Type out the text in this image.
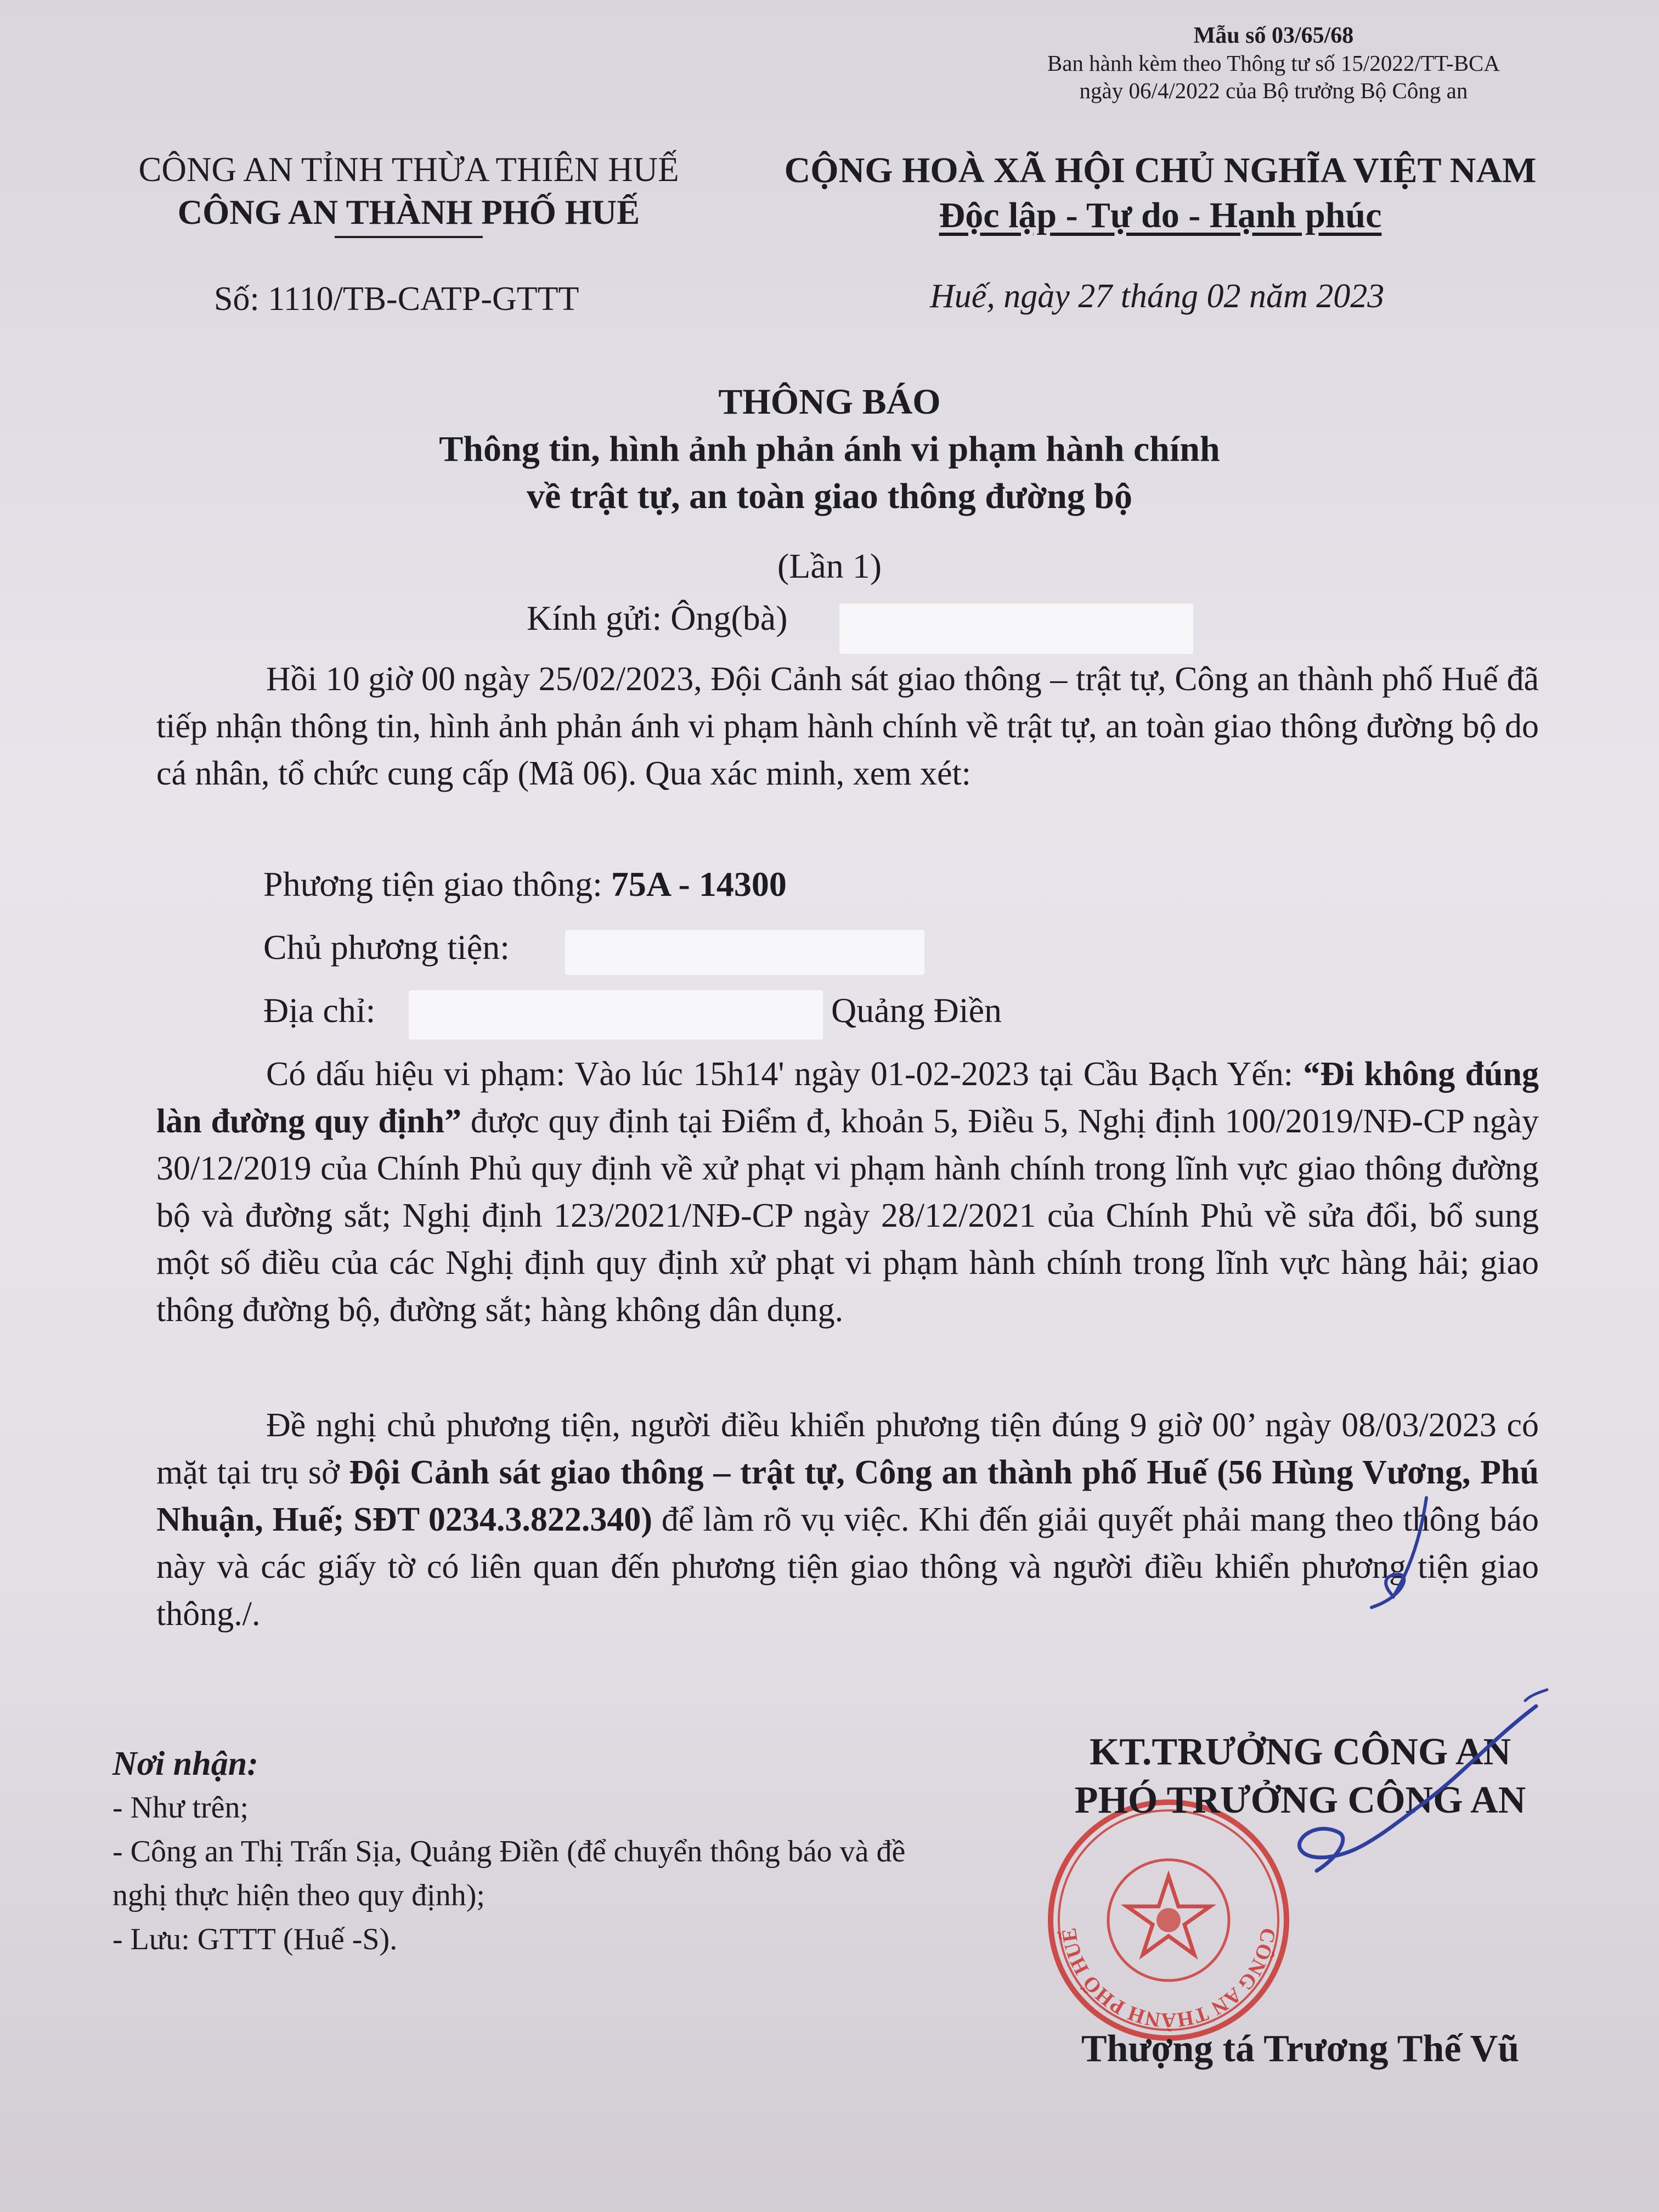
Mẫu số 03/65/68
Ban hành kèm theo Thông tư số 15/2022/TT-BCA
ngày 06/4/2022 của Bộ trưởng Bộ Công an
CÔNG AN TỈNH THỪA THIÊN HUẾ
CÔNG AN THÀNH PHỐ HUẾ
CỘNG HOÀ XÃ HỘI CHỦ NGHĨA VIỆT NAM
Độc lập - Tự do - Hạnh phúc
Số: 1110/TB-CATP-GTTT	Huế, ngày 27 tháng 02 năm 2023
THÔNG BÁO
Thông tin, hình ảnh phản ánh vi phạm hành chính
về trật tự, an toàn giao thông đường bộ
(Lần 1)
Kính gửi: Ông(bà)
Hồi 10 giờ 00 ngày 25/02/2023, Đội Cảnh sát giao thông – trật tự, Công an thành phố Huế đã tiếp nhận thông tin, hình ảnh phản ánh vi phạm hành chính về trật tự, an toàn giao thông đường bộ do cá nhân, tổ chức cung cấp (Mã 06). Qua xác minh, xem xét:
Phương tiện giao thông: 75A - 14300
Chủ phương tiện:
Địa chỉ:	Quảng Điền
Có dấu hiệu vi phạm: Vào lúc 15h14' ngày 01-02-2023 tại Cầu Bạch Yến: “Đi không đúng làn đường quy định” được quy định tại Điểm đ, khoản 5, Điều 5, Nghị định 100/2019/NĐ-CP ngày 30/12/2019 của Chính Phủ quy định về xử phạt vi phạm hành chính trong lĩnh vực giao thông đường bộ và đường sắt; Nghị định 123/2021/NĐ-CP ngày 28/12/2021 của Chính Phủ về sửa đổi, bổ sung một số điều của các Nghị định quy định xử phạt vi phạm hành chính trong lĩnh vực hàng hải; giao thông đường bộ, đường sắt; hàng không dân dụng.
Đề nghị chủ phương tiện, người điều khiển phương tiện đúng 9 giờ 00’ ngày 08/03/2023 có mặt tại trụ sở Đội Cảnh sát giao thông – trật tự, Công an thành phố Huế (56 Hùng Vương, Phú Nhuận, Huế; SĐT 0234.3.822.340) để làm rõ vụ việc. Khi đến giải quyết phải mang theo thông báo này và các giấy tờ có liên quan đến phương tiện giao thông và người điều khiển phương tiện giao thông./.
Nơi nhận:
- Như trên;
- Công an Thị Trấn Sịa, Quảng Điền (để chuyển thông báo và đề nghị thực hiện theo quy định);
- Lưu: GTTT (Huế -S).	CÔNG AN THÀNH PHỐ HUẾ
KT.TRƯỞNG CÔNG AN
PHÓ TRƯỞNG CÔNG AN
Thượng tá Trương Thế Vũ
